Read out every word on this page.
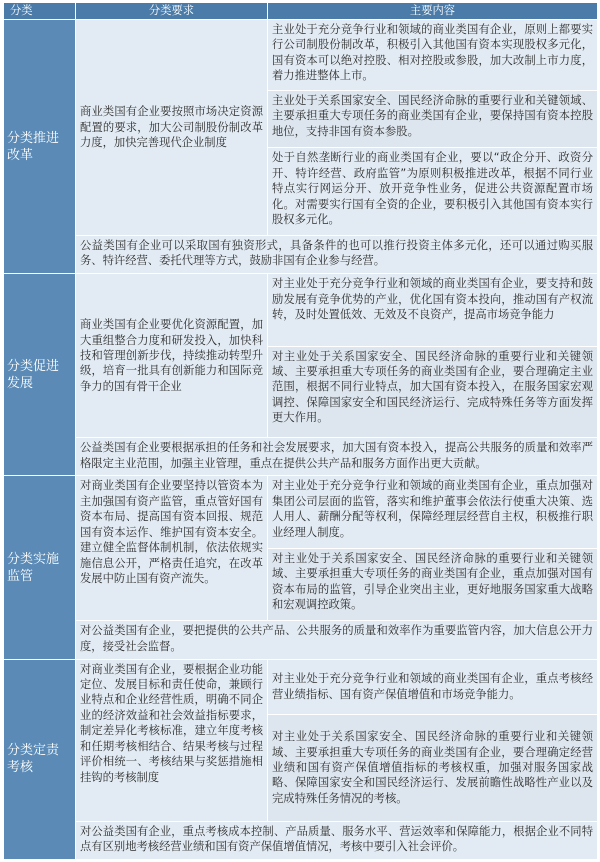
分类	分类要求	主要内容
分类推进改革	商业类国有企业要按照市场决定资源配置的要求，加大公司制股份制改革力度，加快完善现代企业制度	主业处于充分竞争行业和领域的商业类国有企业，原则上都要实行公司制股份制改革，积极引入其他国有资本实现股权多元化，国有资本可以绝对控股、相对控股或参股，加大改制上市力度，着力推进整体上市。
		主业处于关系国家安全、国民经济命脉的重要行业和关键领域、主要承担重大专项任务的商业类国有企业，要保持国有资本控股地位，支持非国有资本参股。
		处于自然垄断行业的商业类国有企业，要以“政企分开、政资分开、特许经营、政府监管”为原则积极推进改革，根据不同行业特点实行网运分开、放开竞争性业务，促进公共资源配置市场化。对需要实行国有全资的企业，要积极引入其他国有资本实行股权多元化。
	公益类国有企业可以采取国有独资形式，具备条件的也可以推行投资主体多元化，还可以通过购买服务、特许经营、委托代理等方式，鼓励非国有企业参与经营。	
分类促进发展	商业类国有企业要优化资源配置，加大重组整合力度和研发投入，加快科技和管理创新步伐，持续推动转型升级，培育一批具有创新能力和国际竞争力的国有骨干企业	对主业处于充分竞争行业和领域的商业类国有企业，要支持和鼓励发展有竞争优势的产业，优化国有资本投向，推动国有产权流转，及时处置低效、无效及不良资产，提高市场竞争能力
		对主业处于关系国家安全、国民经济命脉的重要行业和关键领域、主要承担重大专项任务的商业类国有企业，要合理确定主业范围，根据不同行业特点，加大国有资本投入，在服务国家宏观调控、保障国家安全和国民经济运行、完成特殊任务等方面发挥更大作用。
	公益类国有企业要根据承担的任务和社会发展要求，加大国有资本投入，提高公共服务的质量和效率严格限定主业范围，加强主业管理，重点在提供公共产品和服务方面作出更大贡献。	
分类实施监管	对商业类国有企业要坚持以管资本为主加强国有资产监管，重点管好国有资本布局、提高国有资本回报、规范国有资本运作、维护国有资本安全。建立健全监督体制机制，依法依规实施信息公开，严格责任追究，在改革发展中防止国有资产流失。	对主业处于充分竞争行业和领域的商业类国有企业，重点加强对集团公司层面的监管，落实和维护董事会依法行使重大决策、选人用人、薪酬分配等权利，保障经理层经营自主权，积极推行职业经理人制度。
		对主业处于关系国家安全、国民经济命脉的重要行业和关键领域、主要承担重大专项任务的商业类国有企业，重点加强对国有资本布局的监管，引导企业突出主业，更好地服务国家重大战略和宏观调控政策。
	对公益类国有企业，要把提供的公共产品、公共服务的质量和效率作为重要监管内容，加大信息公开力度，接受社会监督。	
分类定责考核	对商业类国有企业，要根据企业功能定位、发展目标和责任使命，兼顾行业特点和企业经营性质，明确不同企业的经济效益和社会效益指标要求，制定差异化考核标准，建立年度考核和任期考核相结合、结果考核与过程评价相统一、考核结果与奖惩措施相挂钩的考核制度	对主业处于充分竞争行业和领域的商业类国有企业，重点考核经营业绩指标、国有资产保值增值和市场竞争能力。
		对主业处于关系国家安全、国民经济命脉的重要行业和关键领域、主要承担重大专项任务的商业类国有企业，要合理确定经营业绩和国有资产保值增值指标的考核权重，加强对服务国家战略、保障国家安全和国民经济运行、发展前瞻性战略性产业以及完成特殊任务情况的考核。
	对公益类国有企业，重点考核成本控制、产品质量、服务水平、营运效率和保障能力，根据企业不同特点有区别地考核经营业绩和国有资产保值增值情况，考核中要引入社会评价。	
